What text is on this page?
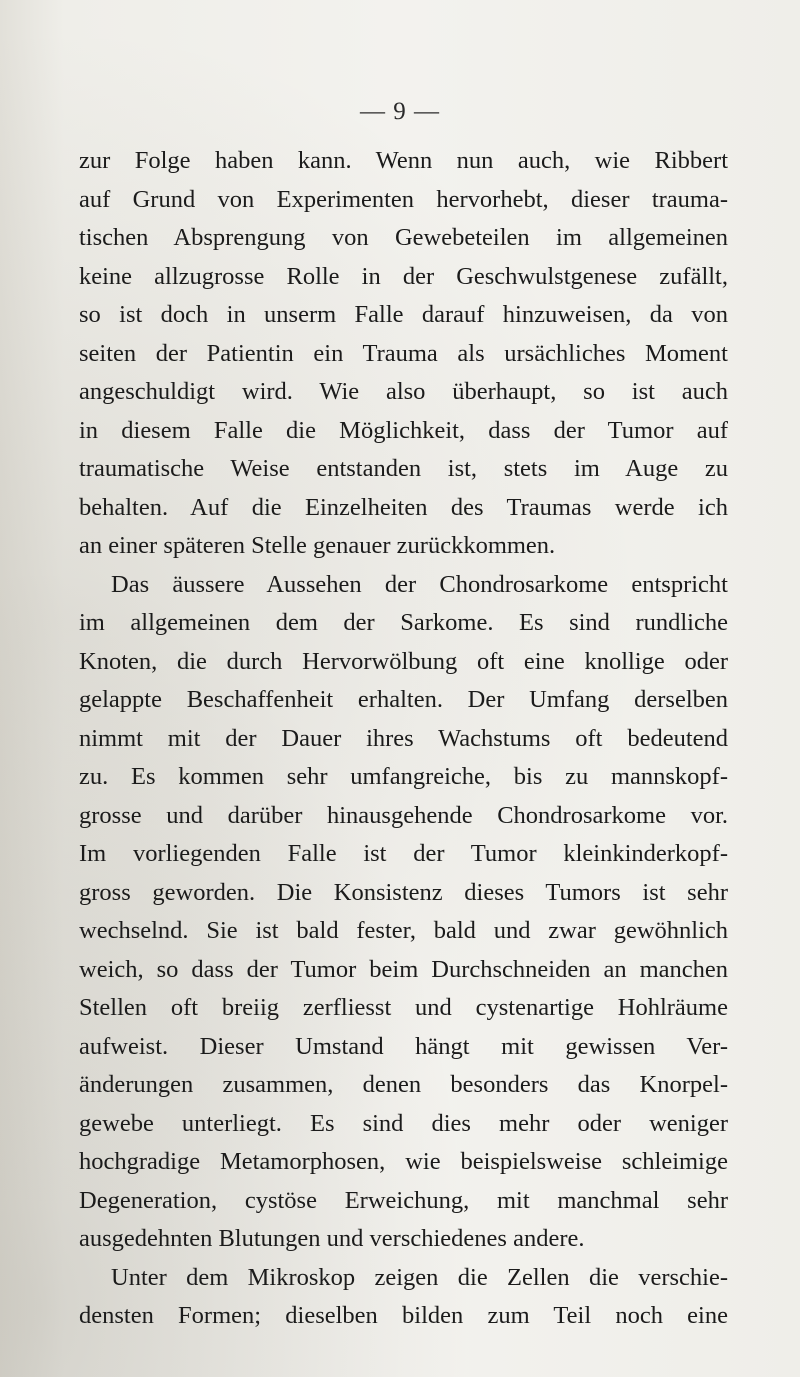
— 9 —
zur Folge haben kann. Wenn nun auch, wie Ribbert
auf Grund von Experimenten hervorhebt, dieser trauma-
tischen Absprengung von Gewebeteilen im allgemeinen
keine allzugrosse Rolle in der Geschwulstgenese zufällt,
so ist doch in unserm Falle darauf hinzuweisen, da von
seiten der Patientin ein Trauma als ursächliches Moment
angeschuldigt wird. Wie also überhaupt, so ist auch
in diesem Falle die Möglichkeit, dass der Tumor auf
traumatische Weise entstanden ist, stets im Auge zu
behalten. Auf die Einzelheiten des Traumas werde ich
an einer späteren Stelle genauer zurückkommen.
Das äussere Aussehen der Chondrosarkome entspricht
im allgemeinen dem der Sarkome. Es sind rundliche
Knoten, die durch Hervorwölbung oft eine knollige oder
gelappte Beschaffenheit erhalten. Der Umfang derselben
nimmt mit der Dauer ihres Wachstums oft bedeutend
zu. Es kommen sehr umfangreiche, bis zu mannskopf-
grosse und darüber hinausgehende Chondrosarkome vor.
Im vorliegenden Falle ist der Tumor kleinkinderkopf-
gross geworden. Die Konsistenz dieses Tumors ist sehr
wechselnd. Sie ist bald fester, bald und zwar gewöhnlich
weich, so dass der Tumor beim Durchschneiden an manchen
Stellen oft breiig zerfliesst und cystenartige Hohlräume
aufweist. Dieser Umstand hängt mit gewissen Ver-
änderungen zusammen, denen besonders das Knorpel-
gewebe unterliegt. Es sind dies mehr oder weniger
hochgradige Metamorphosen, wie beispielsweise schleimige
Degeneration, cystöse Erweichung, mit manchmal sehr
ausgedehnten Blutungen und verschiedenes andere.
Unter dem Mikroskop zeigen die Zellen die verschie-
densten Formen; dieselben bilden zum Teil noch eine
